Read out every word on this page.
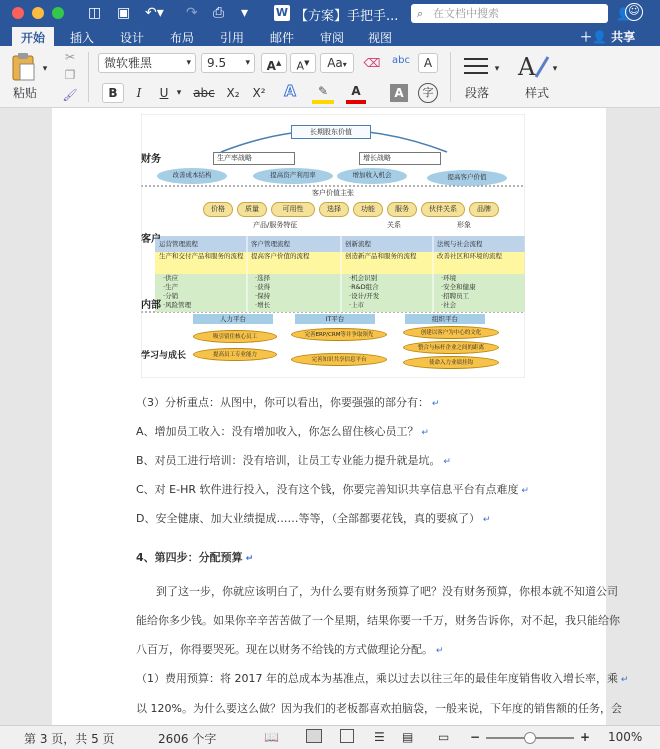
◫ ▣ ↶▾ ↷ ⎙ ▾	W 【方案】手把手... ⌕ 在文档中搜索	👤
☺
开始	插入 设计 布局 引用 邮件 审阅 视图	＋👤 共享
▾
粘贴
✂
❐
🖌
微软雅黑	▾	9.5 ▾	A▲	A▼	Aa▾	⌫	abc	A
B	I	U ▾ abc X₂	X² A	✎	A	A	字
▾
段落
A	▾
样式
财务
客户
内部
学习与成长
长期股东价值
生产率战略	增长战略
改善成本结构	提高资产利用率	增加收入机会	提高客户价值
客户价值主张
价格	质量	可用性	选择	功能	服务	伙伴关系	品牌
产品/服务特征	关系	形象
运营管理流程
生产和交付产品和服务的流程
·供应
·生产
·分销
·风险管理
客户管理流程
提高客户价值的流程
·选择
·获得
·保持
·增长
创新流程
创造新产品和服务的流程
·机会识别
·R&D组合
·设计/开发
·上市
法规与社会流程
改善社区和环境的流程
·环境
·安全和健康
·招聘员工
·社会
人力平台	IT平台	组织平台
吸引留住核心员工
提高员工专业能力
完善ERP/CRM等并争取领先
完善知识共享信息平台
创建以客户为中心的文化
整合与标杆企业之间的距离
使命入力业绩挂钩
（3）分析重点：从图中，你可以看出，你要强强的部分有： ↵
A、增加员工收入：没有增加收入，你怎么留住核心员工？ ↵
B、对员工进行培训：没有培训，让员工专业能力提升就是坑。 ↵
C、对 E-HR 软件进行投入，没有这个钱，你要完善知识共享信息平台有点难度 ↵
D、安全健康、加大业绩提成……等等，（全部都要花钱，真的要疯了） ↵
4、第四步：分配预算 ↵
到了这一步，你就应该明白了，为什么要有财务预算了吧？没有财务预算，你根本就不知道公司
能给你多少钱。如果你辛辛苦苦做了一个星期，结果你要一千万，财务告诉你，对不起，我只能给你
八百万，你得要哭死。现在以财务不给钱的方式做理论分配。 ↵
（1）费用预算：将 2017 年的总成本为基准点，乘以过去以往三年的最佳年度销售收入增长率，乘 ↵
以 120%。为什么要这么做？因为我们的老板都喜欢拍脑袋，一般来说，下年度的销售额的任务，会
第 3 页，共 5 页	2606 个字	📖	☰ ▤ ▭ −	+ 100%
